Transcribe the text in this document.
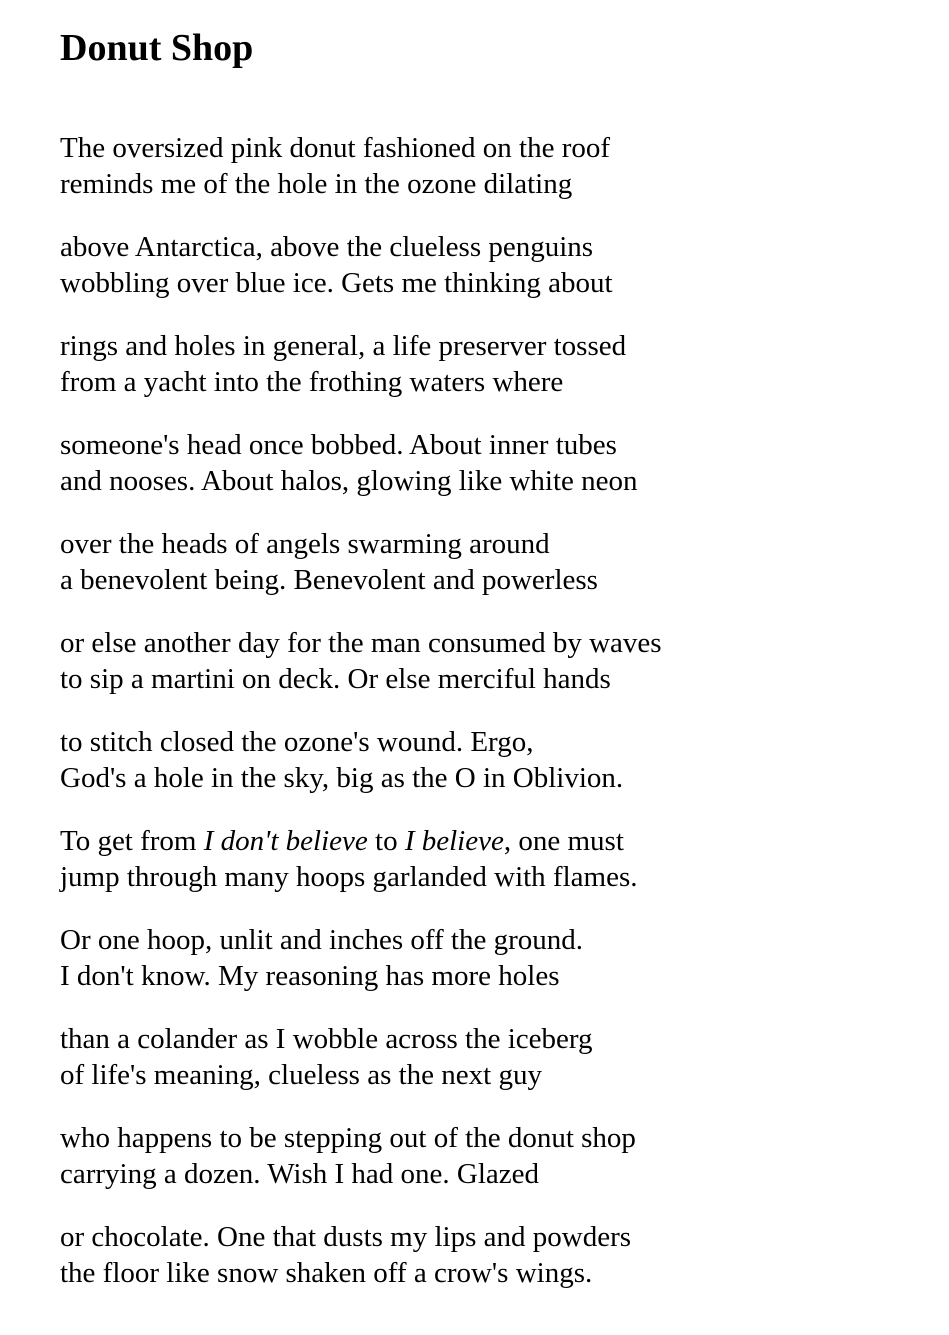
Donut Shop

The oversized pink donut fashioned on the roof
reminds me of the hole in the ozone dilating

above Antarctica, above the clueless penguins
wobbling over blue ice. Gets me thinking about

rings and holes in general, a life preserver tossed
from a yacht into the frothing waters where

someone's head once bobbed. About inner tubes
and nooses. About halos, glowing like white neon

over the heads of angels swarming around
a benevolent being. Benevolent and powerless

or else another day for the man consumed by waves
to sip a martini on deck. Or else merciful hands

to stitch closed the ozone's wound. Ergo,
God's a hole in the sky, big as the O in Oblivion.

To get from I don't believe to I believe, one must
jump through many hoops garlanded with flames.

Or one hoop, unlit and inches off the ground.
I don't know. My reasoning has more holes

than a colander as I wobble across the iceberg
of life's meaning, clueless as the next guy

who happens to be stepping out of the donut shop
carrying a dozen. Wish I had one. Glazed

or chocolate. One that dusts my lips and powders
the floor like snow shaken off a crow's wings.
